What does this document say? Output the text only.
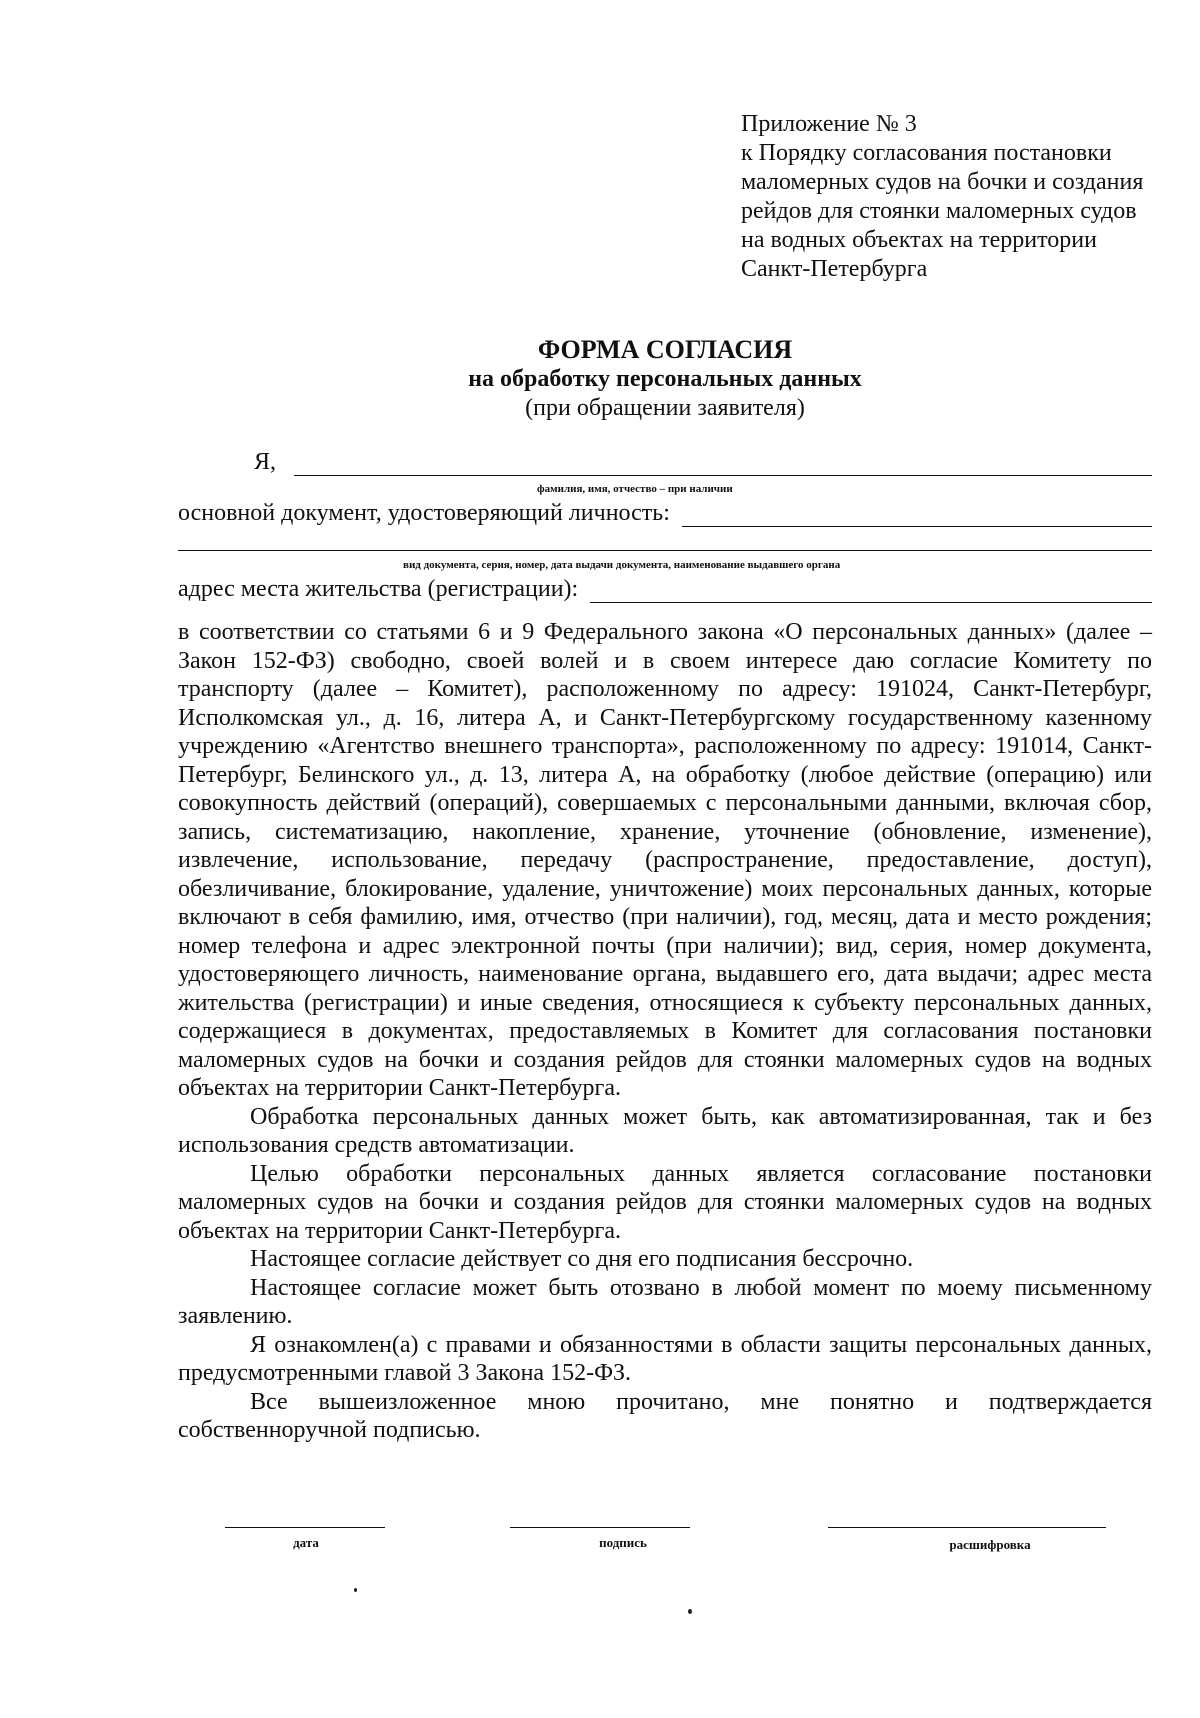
Приложение № 3
к Порядку согласования постановки
маломерных судов на бочки и создания
рейдов для стоянки маломерных судов
на водных объектах на территории
Санкт-Петербурга
ФОРМА СОГЛАСИЯ
на обработку персональных данных
(при обращении заявителя)
Я,
фамилия, имя, отчество – при наличии
основной документ, удостоверяющий личность:
вид документа, серия, номер, дата выдачи документа, наименование выдавшего органа
адрес места жительства (регистрации):

в соответствии со статьями 6 и 9 Федерального закона «О персональных данных» (далее – Закон 152-ФЗ) свободно, своей волей и в своем интересе даю согласие Комитету по транспорту (далее – Комитет), расположенному по адресу: 191024, Санкт-Петербург, Исполкомская ул., д. 16, литера А, и Санкт-Петербургскому государственному казенному учреждению «Агентство внешнего транспорта», расположенному по адресу: 191014, Санкт-Петербург, Белинского ул., д. 13, литера А, на обработку (любое действие (операцию) или совокупность действий (операций), совершаемых с персональными данными, включая сбор, запись, систематизацию, накопление, хранение, уточнение (обновление, изменение), извлечение, использование, передачу (распространение, предоставление, доступ), обезличивание, блокирование, удаление, уничтожение) моих персональных данных, которые включают в себя фамилию, имя, отчество (при наличии), год, месяц, дата и место рождения; номер телефона и адрес электронной почты (при наличии); вид, серия, номер документа, удостоверяющего личность, наименование органа, выдавшего его, дата выдачи; адрес места жительства (регистрации) и иные сведения, относящиеся к субъекту персональных данных, содержащиеся в документах, предоставляемых в Комитет для согласования постановки маломерных судов на бочки и создания рейдов для стоянки маломерных судов на водных объектах на территории Санкт-Петербурга.

Обработка персональных данных может быть, как автоматизированная, так и без использования средств автоматизации.

Целью обработки персональных данных является согласование постановки маломерных судов на бочки и создания рейдов для стоянки маломерных судов на водных объектах на территории Санкт-Петербурга.

Настоящее согласие действует со дня его подписания бессрочно.

Настоящее согласие может быть отозвано в любой момент по моему письменному заявлению.

Я ознакомлен(а) с правами и обязанностями в области защиты персональных данных, предусмотренными главой 3 Закона 152-ФЗ.

Все вышеизложенное мною прочитано, мне понятно и подтверждается собственноручной подписью.

дата	подпись	расшифровка
